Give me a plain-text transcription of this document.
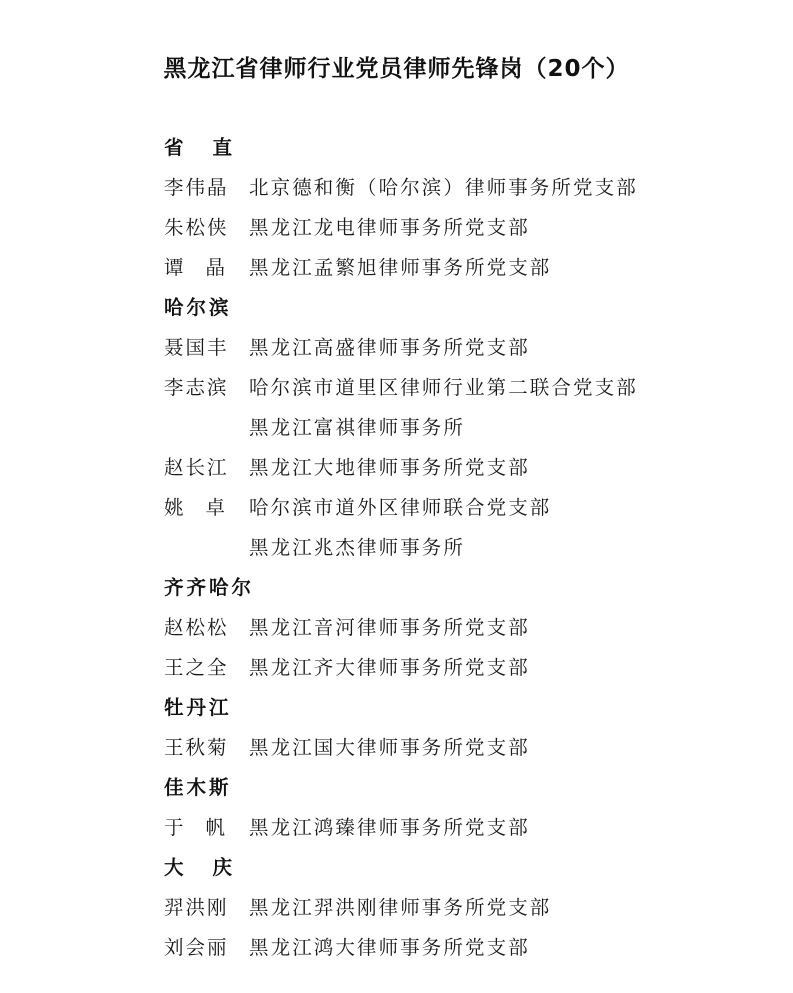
黑龙江省律师行业党员律师先锋岗（20个）
省直
李伟晶	北京德和衡（哈尔滨）律师事务所党支部
朱松侠	黑龙江龙电律师事务所党支部
谭晶 黑龙江孟繁旭律师事务所党支部
哈尔滨
聂国丰	黑龙江高盛律师事务所党支部
李志滨	哈尔滨市道里区律师行业第二联合党支部
黑龙江富祺律师事务所
赵长江	黑龙江大地律师事务所党支部
姚卓 哈尔滨市道外区律师联合党支部
黑龙江兆杰律师事务所
齐齐哈尔
赵松松	黑龙江音河律师事务所党支部
王之全	黑龙江齐大律师事务所党支部
牡丹江
王秋菊	黑龙江国大律师事务所党支部
佳木斯
于帆 黑龙江鸿臻律师事务所党支部
大庆
羿洪刚	黑龙江羿洪刚律师事务所党支部
刘会丽	黑龙江鸿大律师事务所党支部
